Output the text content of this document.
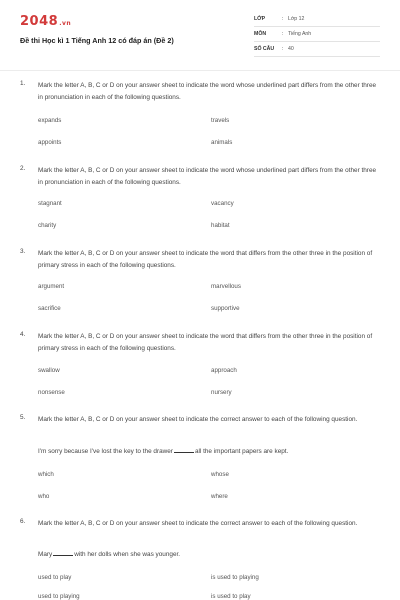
2048.vn
Đề thi Học kì 1 Tiếng Anh 12 có đáp án (Đề 2)
LỚP	: Lớp 12
MÔN	: Tiếng Anh
SỐ CÂU	: 40
1. Mark the letter A, B, C or D on your answer sheet to indicate the word whose underlined part differs from the other three in pronunciation in each of the following questions.
expands	travels
appoints	animals
2. Mark the letter A, B, C or D on your answer sheet to indicate the word whose underlined part differs from the other three in pronunciation in each of the following questions.
stagnant	vacancy
charity	habitat
3. Mark the letter A, B, C or D on your answer sheet to indicate the word that differs from the other three in the position of primary stress in each of the following questions.
argument	marvellous
sacrifice	supportive
4. Mark the letter A, B, C or D on your answer sheet to indicate the word that differs from the other three in the position of primary stress in each of the following questions.
swallow	approach
nonsense	nursery
5. Mark the letter A, B, C or D on your answer sheet to indicate the correct answer to each of the following question.
I'm sorry because I've lost the key to the drawer	all the important papers are kept.
which	whose
who	where
6. Mark the letter A, B, C or D on your answer sheet to indicate the correct answer to each of the following question.
Mary	with her dolls when she was younger.
used to play	is used to playing
used to playing	is used to play
